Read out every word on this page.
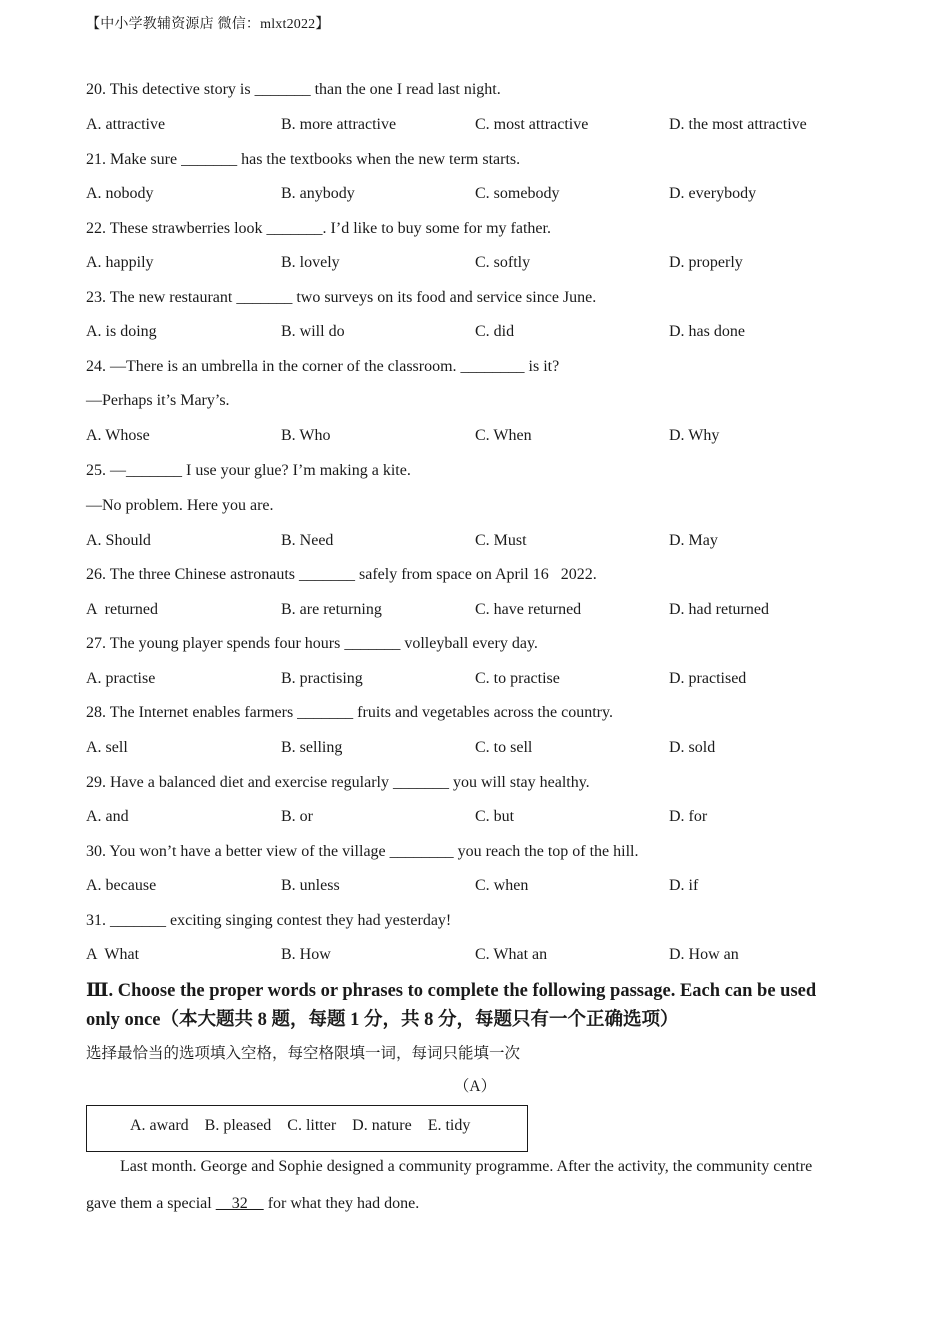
【中小学教辅资源店 微信：mlxt2022】
20. This detective story is _______ than the one I read last night.
A. attractive	B. more attractive	C. most attractive	D. the most attractive
21. Make sure _______ has the textbooks when the new term starts.
A. nobody	B. anybody	C. somebody	D. everybody
22. These strawberries look _______. I’d like to buy some for my father.
A. happily	B. lovely	C. softly	D. properly
23. The new restaurant _______ two surveys on its food and service since June.
A. is doing	B. will do	C. did	D. has done
24. —There is an umbrella in the corner of the classroom. ________ is it?
—Perhaps it’s Mary’s.
A. Whose	B. Who	C. When	D. Why
25. —_______ I use your glue? I’m making a kite.
—No problem. Here you are.
A. Should	B. Need	C. Must	D. May
26. The three Chinese astronauts _______ safely from space on April 16   2022.
A  returned	B. are returning	C. have returned	D. had returned
27. The young player spends four hours _______ volleyball every day.
A. practise	B. practising	C. to practise	D. practised
28. The Internet enables farmers _______ fruits and vegetables across the country.
A. sell	B. selling	C. to sell	D. sold
29. Have a balanced diet and exercise regularly _______ you will stay healthy.
A. and	B. or	C. but	D. for
30. You won’t have a better view of the village ________ you reach the top of the hill.
A. because	B. unless	C. when	D. if
31. _______ exciting singing contest they had yesterday!
A  What	B. How	C. What an	D. How an
Ⅲ. Choose the proper words or phrases to complete the following passage. Each can be used
only once（本大题共 8 题，每题 1 分，共 8 分，每题只有一个正确选项）
选择最恰当的选项填入空格，每空格限填一词，每词只能填一次
（A）
A. award    B. pleased    C. litter    D. nature    E. tidy
Last month. George and Sophie designed a community programme. After the activity, the community centre
gave them a special     32     for what they had done.
